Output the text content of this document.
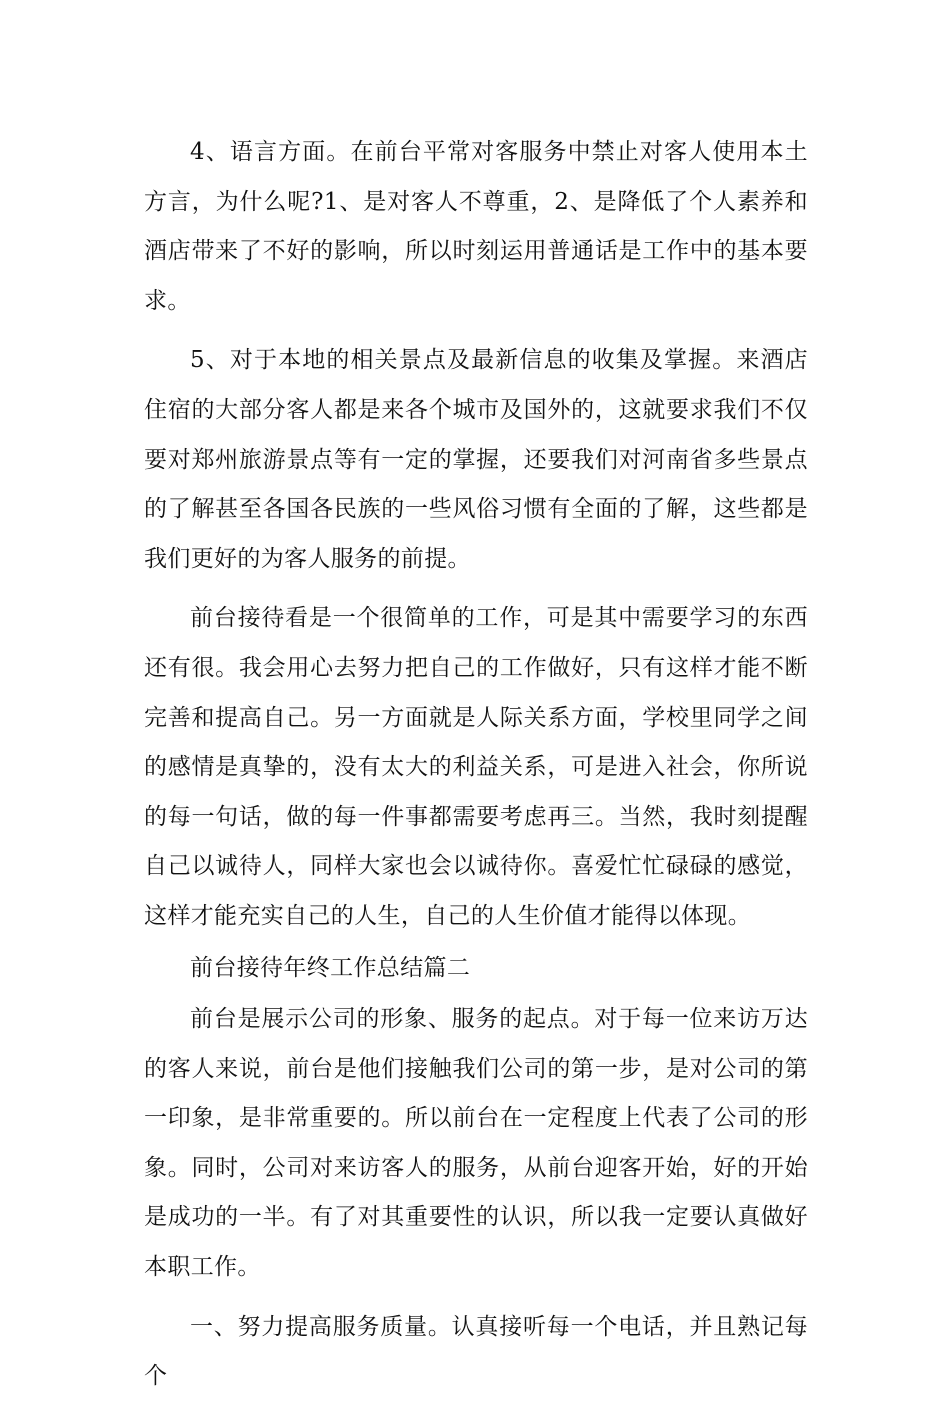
4、语言方面。在前台平常对客服务中禁止对客人使用本土方言，为什么呢?1、是对客人不尊重，2、是降低了个人素养和酒店带来了不好的影响，所以时刻运用普通话是工作中的基本要求。

5、对于本地的相关景点及最新信息的收集及掌握。来酒店住宿的大部分客人都是来各个城市及国外的，这就要求我们不仅要对郑州旅游景点等有一定的掌握，还要我们对河南省多些景点的了解甚至各国各民族的一些风俗习惯有全面的了解，这些都是我们更好的为客人服务的前提。

前台接待看是一个很简单的工作，可是其中需要学习的东西还有很。我会用心去努力把自己的工作做好，只有这样才能不断完善和提高自己。另一方面就是人际关系方面，学校里同学之间的感情是真挚的，没有太大的利益关系，可是进入社会，你所说的每一句话，做的每一件事都需要考虑再三。当然，我时刻提醒自己以诚待人，同样大家也会以诚待你。喜爱忙忙碌碌的感觉，这样才能充实自己的人生，自己的人生价值才能得以体现。

前台接待年终工作总结篇二

前台是展示公司的形象、服务的起点。对于每一位来访万达的客人来说，前台是他们接触我们公司的第一步，是对公司的第一印象，是非常重要的。所以前台在一定程度上代表了公司的形象。同时，公司对来访客人的服务，从前台迎客开始，好的开始是成功的一半。有了对其重要性的认识，所以我一定要认真做好本职工作。

一、努力提高服务质量。认真接听每一个电话，并且熟记每个
